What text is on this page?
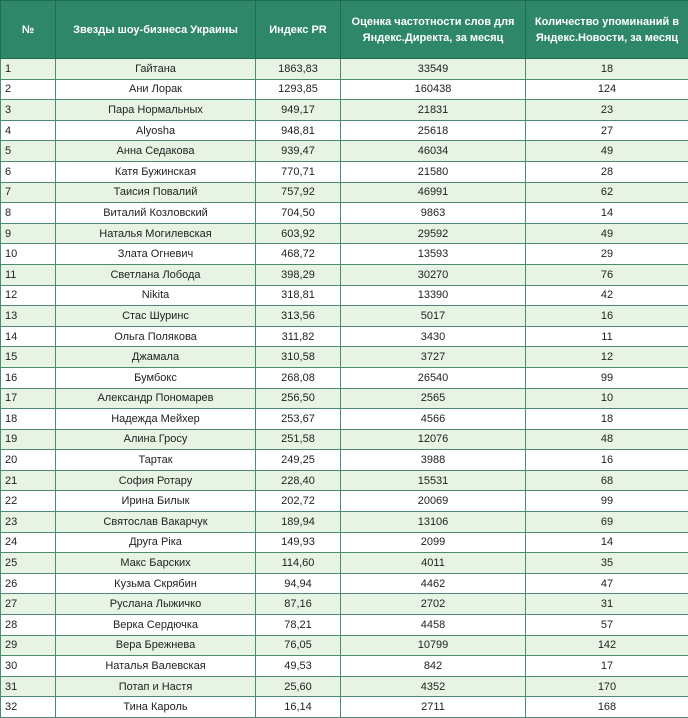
№	Звезды шоу-бизнеса Украины	Индекс PR	Оценка частотности слов для Яндекс.Директа, за месяц	Количество упоминаний в Яндекс.Новости, за месяц
1	Гайтана	1863,83	33549	18
2	Ани Лорак	1293,85	160438	124
3	Пара Нормальных	949,17	21831	23
4	Alyosha	948,81	25618	27
5	Анна Седакова	939,47	46034	49
6	Катя Бужинская	770,71	21580	28
7	Таисия Повалий	757,92	46991	62
8	Виталий Козловский	704,50	9863	14
9	Наталья Могилевская	603,92	29592	49
10	Злата Огневич	468,72	13593	29
11	Светлана Лобода	398,29	30270	76
12	Nikita	318,81	13390	42
13	Стас Шуринс	313,56	5017	16
14	Ольга Полякова	311,82	3430	11
15	Джамала	310,58	3727	12
16	Бумбокс	268,08	26540	99
17	Александр Пономарев	256,50	2565	10
18	Надежда Мейхер	253,67	4566	18
19	Алина Гросу	251,58	12076	48
20	Тартак	249,25	3988	16
21	София Ротару	228,40	15531	68
22	Ирина Билык	202,72	20069	99
23	Святослав Вакарчук	189,94	13106	69
24	Друга Ріка	149,93	2099	14
25	Макс Барских	114,60	4011	35
26	Кузьма Скрябин	94,94	4462	47
27	Руслана Лыжичко	87,16	2702	31
28	Верка Сердючка	78,21	4458	57
29	Вера Брежнева	76,05	10799	142
30	Наталья Валевская	49,53	842	17
31	Потап и Настя	25,60	4352	170
32	Тина Кароль	16,14	2711	168
